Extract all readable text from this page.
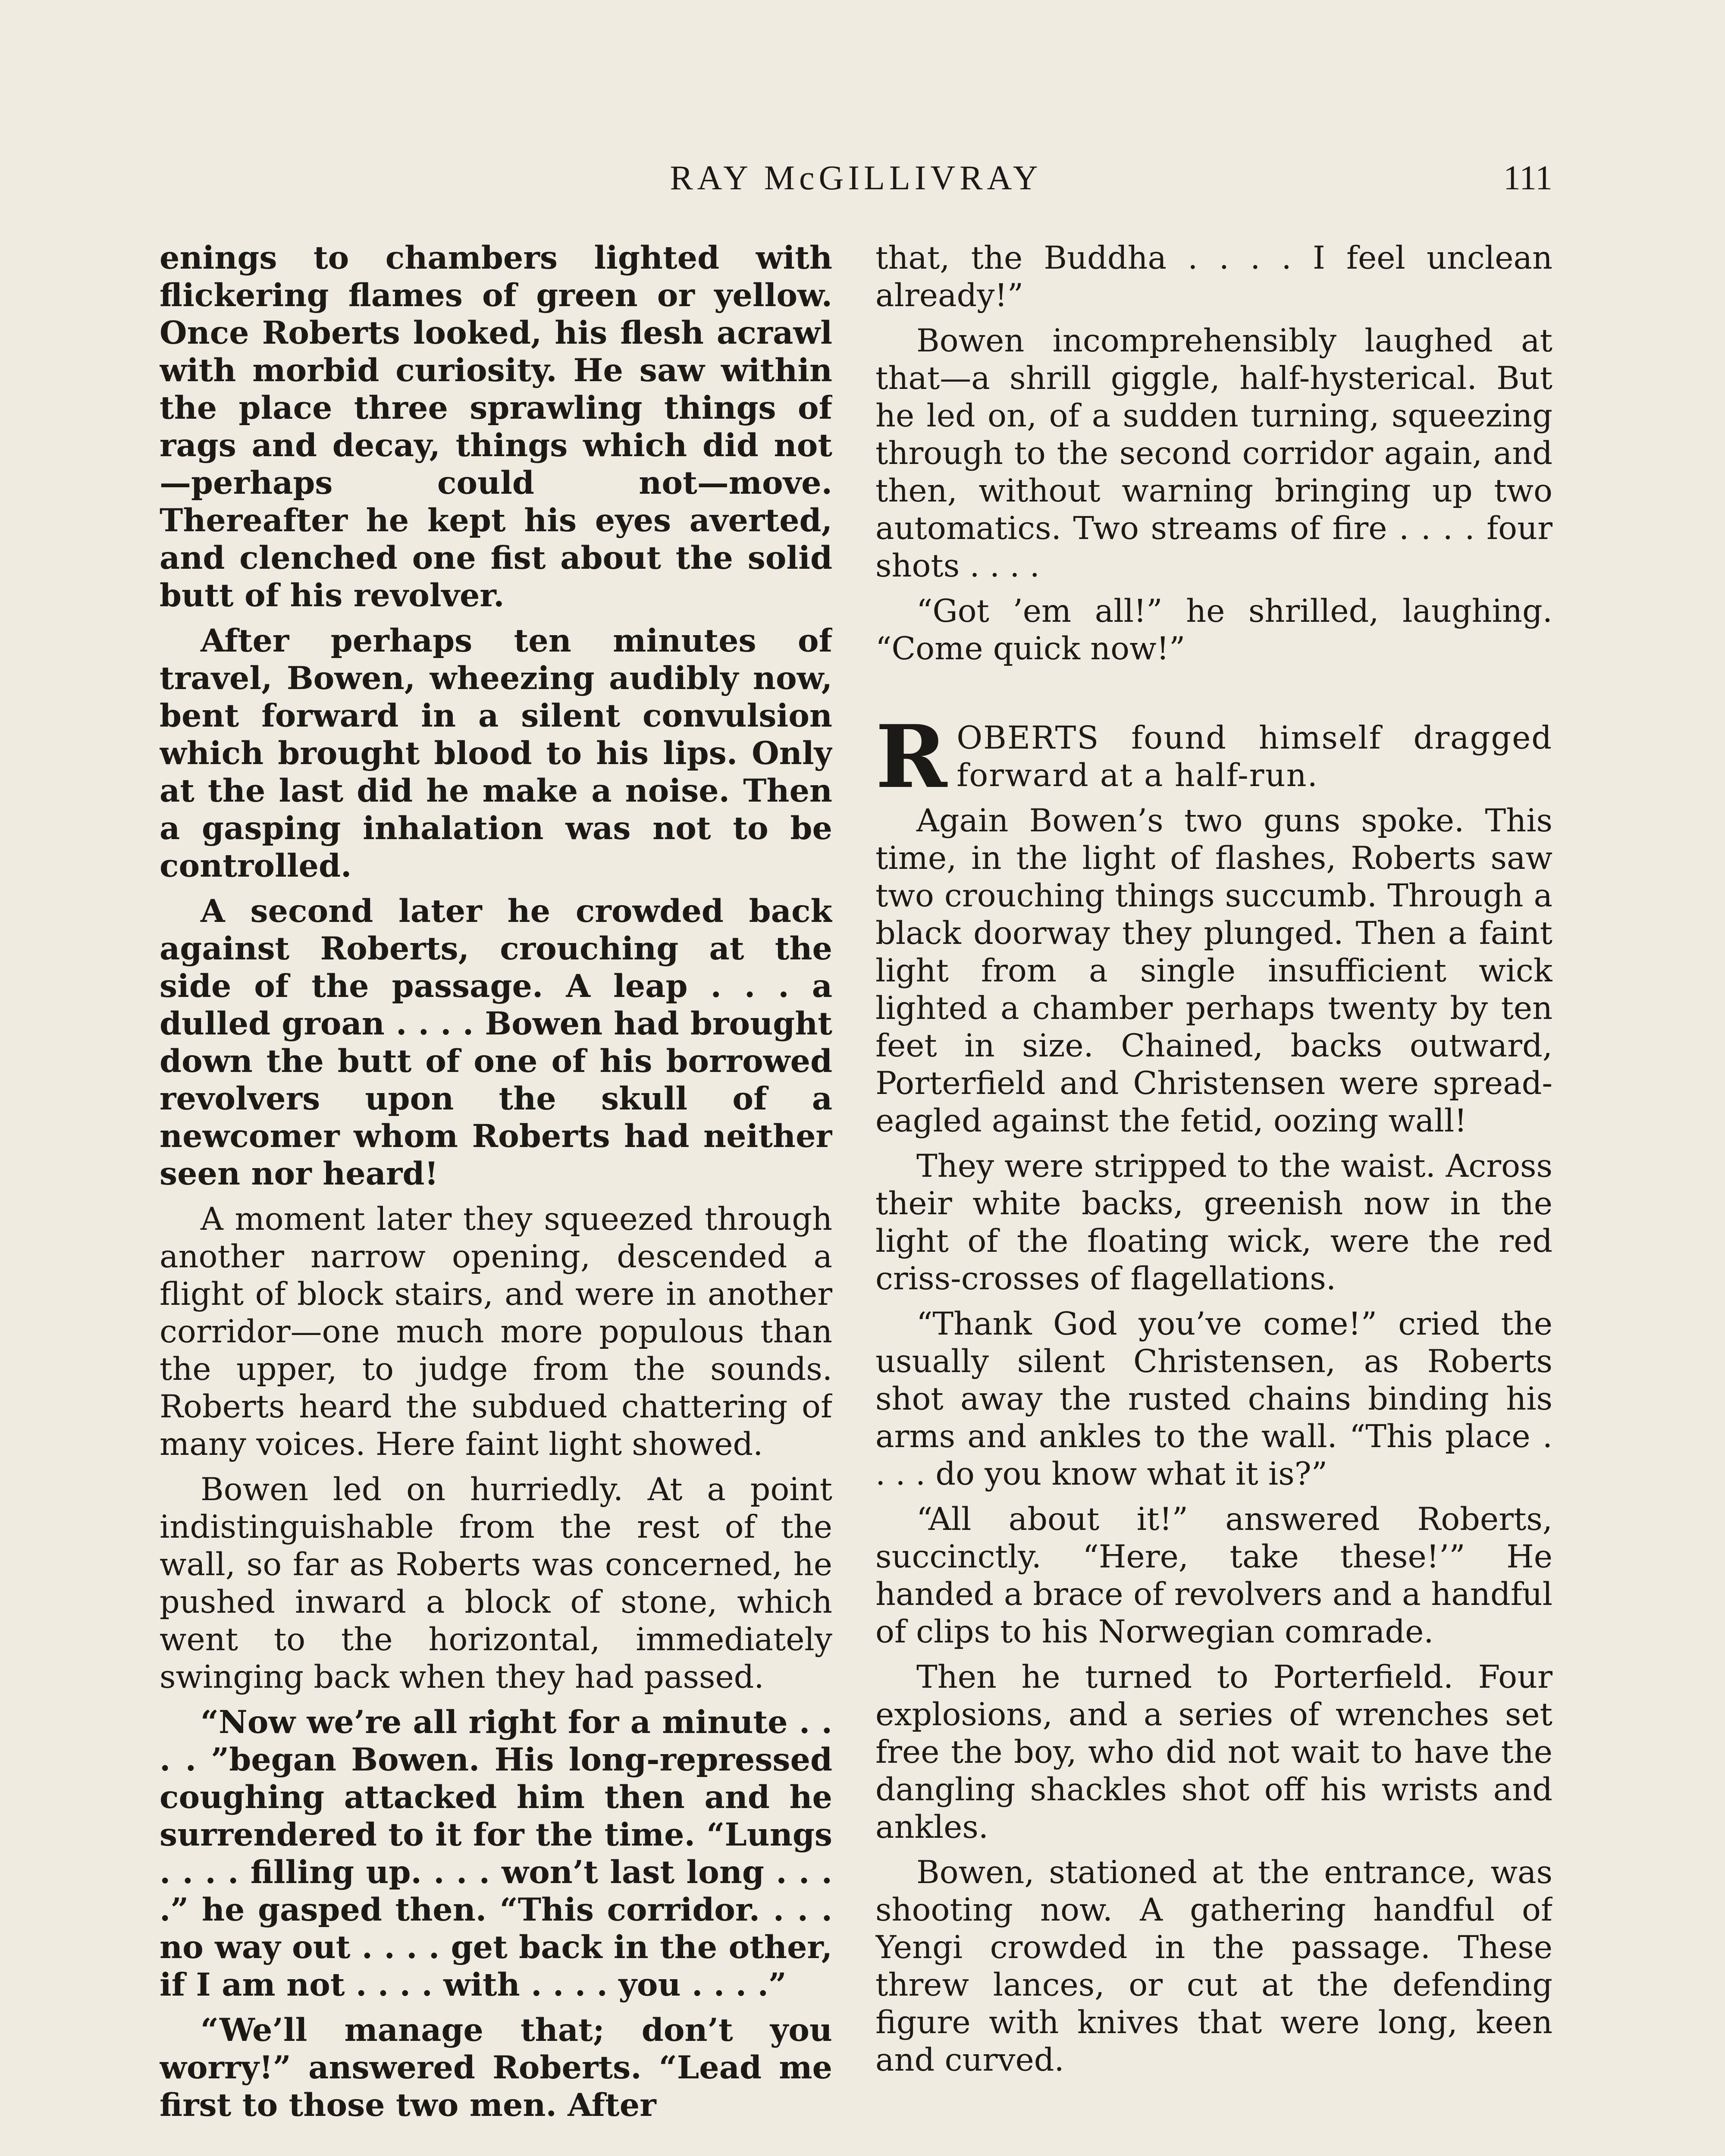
RAY McGILLIVRAY	111

enings to chambers lighted with flickering flames of green or yellow. Once Roberts looked, his flesh acrawl with morbid curiosity. He saw within the place three sprawling things of rags and decay, things which did not—perhaps could not—move. Thereafter he kept his eyes averted, and clenched one fist about the solid butt of his revolver.

After perhaps ten minutes of travel, Bowen, wheezing audibly now, bent forward in a silent convulsion which brought blood to his lips. Only at the last did he make a noise. Then a gasping inhalation was not to be controlled.

A second later he crowded back against Roberts, crouching at the side of the passage. A leap . . . a dulled groan . . . . Bowen had brought down the butt of one of his borrowed revolvers upon the skull of a newcomer whom Roberts had neither seen nor heard!

A moment later they squeezed through another narrow opening, descended a flight of block stairs, and were in another corridor—one much more populous than the upper, to judge from the sounds. Roberts heard the subdued chattering of many voices. Here faint light showed.

Bowen led on hurriedly. At a point indistinguishable from the rest of the wall, so far as Roberts was concerned, he pushed inward a block of stone, which went to the horizontal, immediately swinging back when they had passed.

“Now we’re all right for a minute . . . . ”began Bowen. His long-repressed coughing attacked him then and he surrendered to it for the time. “Lungs . . . . filling up. . . . won’t last long . . . .” he gasped then. “This corridor. . . . no way out . . . . get back in the other, if I am not . . . . with . . . . you . . . .”

“We’ll manage that; don’t you worry!” answered Roberts. “Lead me first to those two men. After

that, the Buddha . . . . I feel unclean already!”

Bowen incomprehensibly laughed at that—a shrill giggle, half-hysterical. But he led on, of a sudden turning, squeezing through to the second corridor again, and then, without warning bringing up two automatics. Two streams of fire . . . . four shots . . . .

“Got ’em all!” he shrilled, laughing. “Come quick now!”

ROBERTS found himself dragged forward at a half-run.

Again Bowen’s two guns spoke. This time, in the light of flashes, Roberts saw two crouching things succumb. Through a black doorway they plunged. Then a faint light from a single insufficient wick lighted a chamber perhaps twenty by ten feet in size. Chained, backs outward, Porterfield and Christensen were spread-eagled against the fetid, oozing wall!

They were stripped to the waist. Across their white backs, greenish now in the light of the floating wick, were the red criss-crosses of flagellations.

“Thank God you’ve come!” cried the usually silent Christensen, as Roberts shot away the rusted chains binding his arms and ankles to the wall. “This place . . . . do you know what it is?”

“All about it!” answered Roberts, succinctly. “Here, take these!’” He handed a brace of revolvers and a handful of clips to his Norwegian comrade.

Then he turned to Porterfield. Four explosions, and a series of wrenches set free the boy, who did not wait to have the dangling shackles shot off his wrists and ankles.

Bowen, stationed at the entrance, was shooting now. A gathering handful of Yengi crowded in the passage. These threw lances, or cut at the defending figure with knives that were long, keen and curved.
